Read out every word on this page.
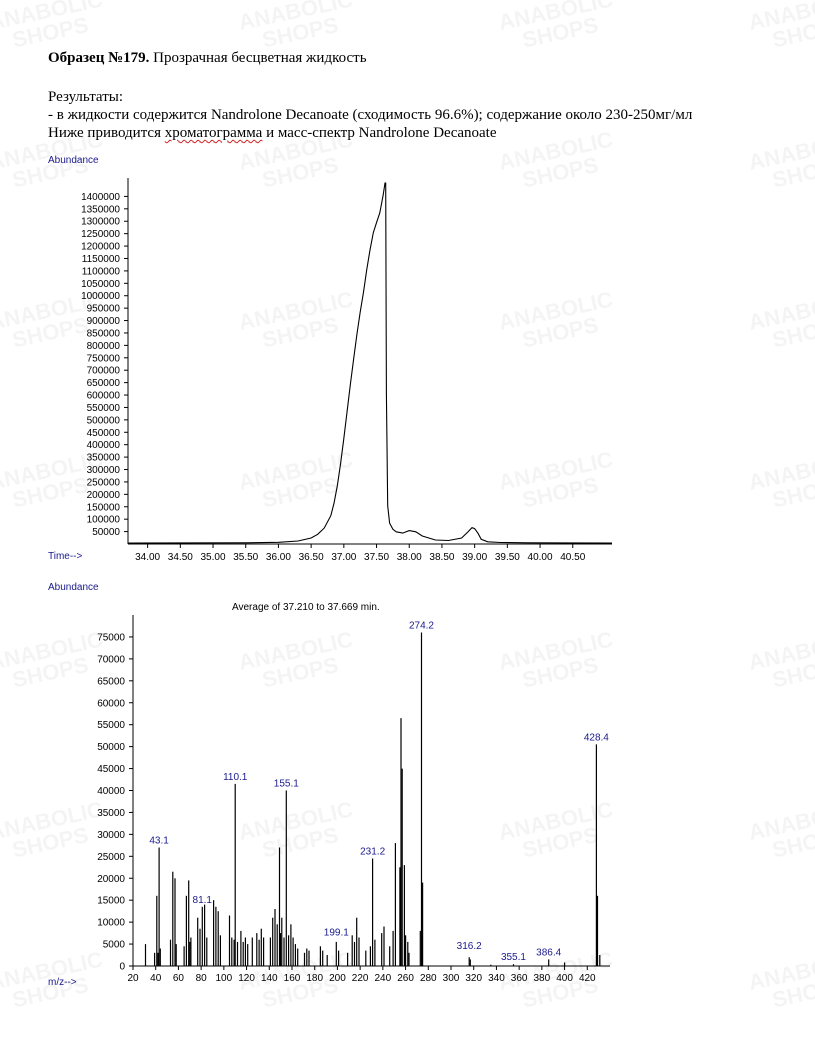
Образец №179. Прозрачная бесцветная жидкость
Результаты:
- в жидкости содержится Nandrolone Decanoate (сходимость 96.6%); содержание около 230-250мг/мл
Ниже приводится хроматограмма и масс-спектр Nandrolone Decanoate
Abundance
Time-->
50000
100000
150000
200000
250000
300000
350000
400000
450000
500000
550000
600000
650000
700000
750000
800000
850000
900000
950000
1000000
1050000
1100000
1150000
1200000
1250000
1300000
1350000
1400000
34.00 34.50 35.00 35.50 36.00 36.50 37.00 37.50 38.00 38.50 39.00 39.50 40.00 40.50
Abundance
Average of 37.210 to 37.669 min.
m/z-->
0
5000
10000
15000
20000
25000
30000
35000
40000
45000
50000
55000
60000
65000
70000
75000
20 40 60 80 100 120 140 160 180 200 220 240 260 280 300 320 340 360 380 400 420
43.1
81.1
110.1
155.1
199.1
231.2
274.2
316.2
355.1 386.4
428.4
